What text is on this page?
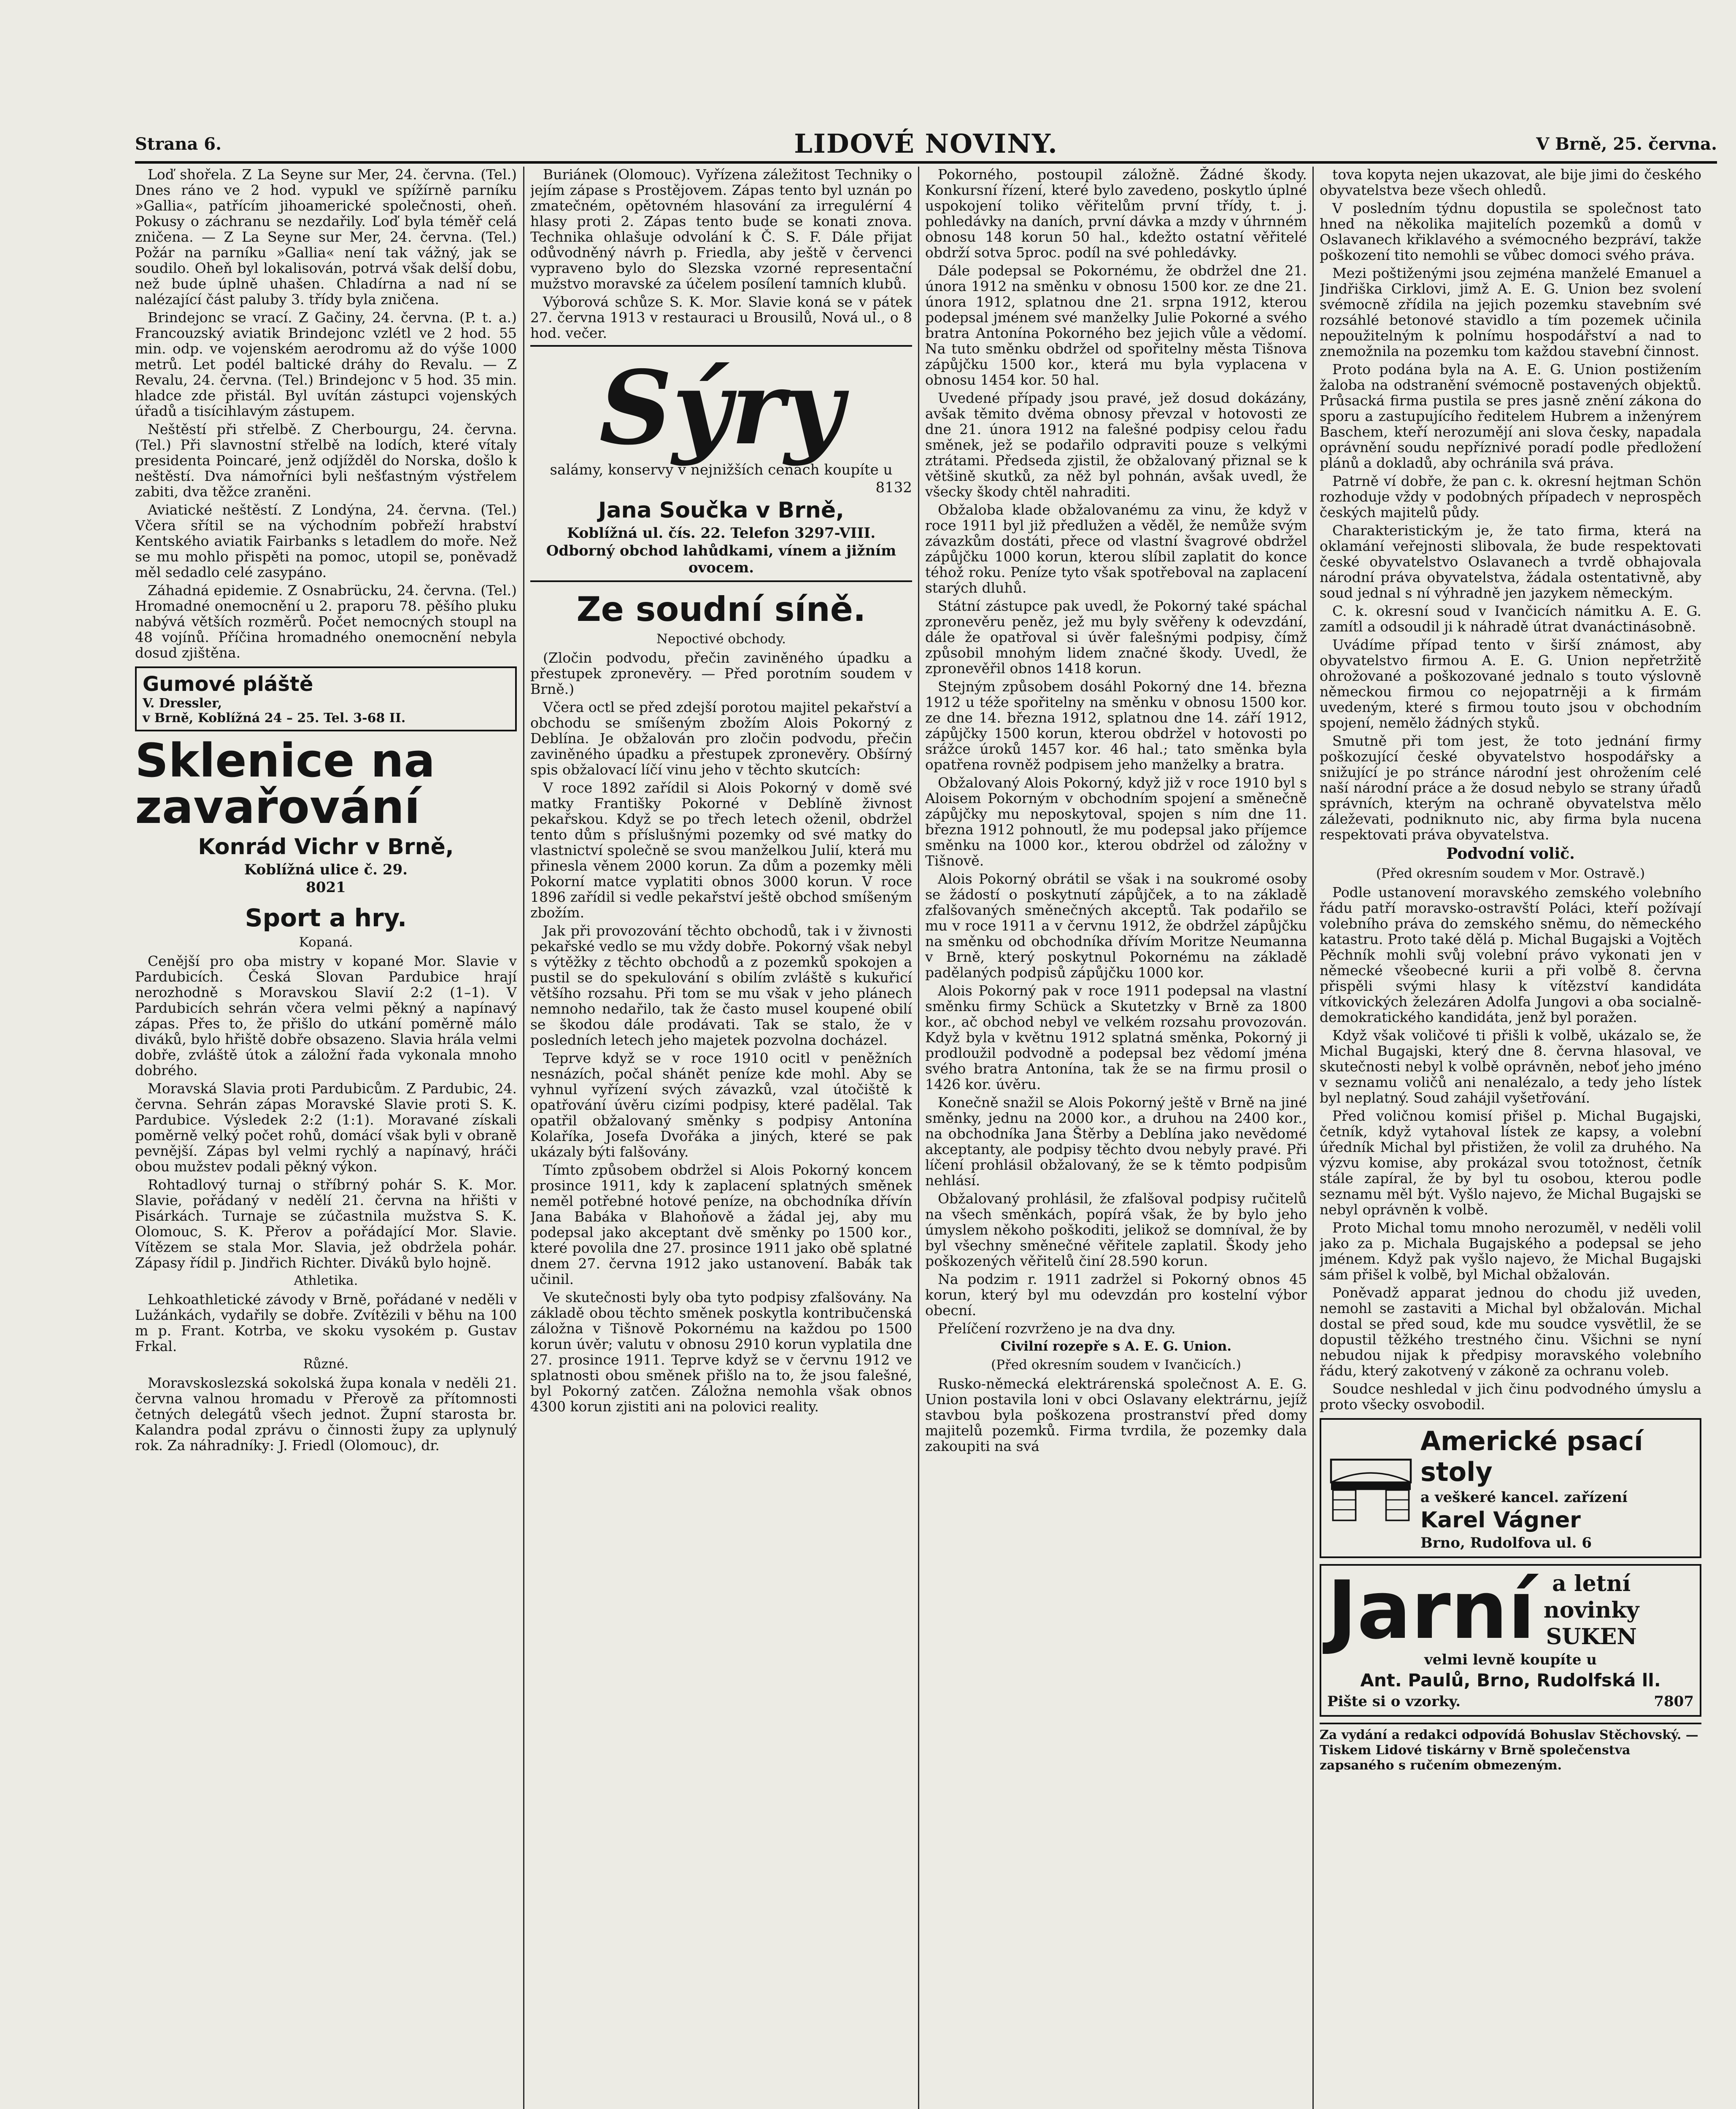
Strana 6.	LIDOVÉ NOVINY.	V Brně, 25. června.

Loď shořela. Z La Seyne sur Mer, 24. června. (Tel.) Dnes ráno ve 2 hod. vypukl ve spížírně parníku »Gallia«, patřícím jihoamerické společnosti, oheň. Pokusy o záchranu se nezdařily. Loď byla téměř celá zničena. — Z La Seyne sur Mer, 24. června. (Tel.) Požár na parníku »Gallia« není tak vážný, jak se soudilo. Oheň byl lokalisován, potrvá však delší dobu, než bude úplně uhašen. Chladírna a nad ní se nalézající část paluby 3. třídy byla zničena.

Brindejonc se vrací. Z Gačiny, 24. června. (P. t. a.) Francouzský aviatik Brindejonc vzlétl ve 2 hod. 55 min. odp. ve vojenském aerodromu až do výše 1000 metrů. Let podél baltické dráhy do Revalu. — Z Revalu, 24. června. (Tel.) Brindejonc v 5 hod. 35 min. hladce zde přistál. Byl uvítán zástupci vojenských úřadů a tisícihlavým zástupem.

Neštěstí při střelbě. Z Cherbourgu, 24. června. (Tel.) Při slavnostní střelbě na lodích, které vítaly presidenta Poincaré, jenž odjížděl do Norska, došlo k neštěstí. Dva námořníci byli nešťastným výstřelem zabiti, dva těžce zraněni.

Aviatické neštěstí. Z Londýna, 24. června. (Tel.) Včera sřítil se na východním pobřeží hrabství Kentského aviatik Fairbanks s letadlem do moře. Než se mu mohlo přispěti na pomoc, utopil se, poněvadž měl sedadlo celé zasypáno.

Záhadná epidemie. Z Osnabrücku, 24. června. (Tel.) Hromadné onemocnění u 2. praporu 78. pěšího pluku nabývá větších rozměrů. Počet nemocných stoupl na 48 vojínů. Příčina hromadného onemocnění nebyla dosud zjištěna.

Gumové pláště
V. Dressler,
v Brně, Koblížná 24 – 25. Tel. 3-68 II.
Sklenice na zavařování
Konrád Vichr v Brně,
Koblížná ulice č. 29.
8021
Sport a hry.
Kopaná.

Cenější pro oba mistry v kopané Mor. Slavie v Pardubicích. Česká Slovan Pardubice hrají nerozhodně s Moravskou Slavií 2:2 (1–1). V Pardubicích sehrán včera velmi pěkný a napínavý zápas. Přes to, že přišlo do utkání poměrně málo diváků, bylo hřiště dobře obsazeno. Slavia hrála velmi dobře, zvláště útok a záložní řada vykonala mnoho dobrého.

Moravská Slavia proti Pardubicům. Z Pardubic, 24. června. Sehrán zápas Moravské Slavie proti S. K. Pardubice. Výsledek 2:2 (1:1). Moravané získali poměrně velký počet rohů, domácí však byli v obraně pevnější. Zápas byl velmi rychlý a napínavý, hráči obou mužstev podali pěkný výkon.

Rohtadlový turnaj o stříbrný pohár S. K. Mor. Slavie, pořádaný v nedělí 21. června na hřišti v Pisárkách. Turnaje se zúčastnila mužstva S. K. Olomouc, S. K. Přerov a pořádající Mor. Slavie. Vítězem se stala Mor. Slavia, jež obdržela pohár. Zápasy řídil p. Jindřich Richter. Diváků bylo hojně.

Athletika.

Lehkoathletické závody v Brně, pořádané v neděli v Lužánkách, vydařily se dobře. Zvítězili v běhu na 100 m p. Frant. Kotrba, ve skoku vysokém p. Gustav Frkal.

Různé.

Moravskoslezská sokolská župa konala v neděli 21. června valnou hromadu v Přerově za přítomnosti četných delegátů všech jednot. Župní starosta br. Kalandra podal zprávu o činnosti župy za uplynulý rok. Za náhradníky: J. Friedl (Olomouc), dr.

Buriánek (Olomouc). Vyřízena záležitost Techniky o jejím zápase s Prostějovem. Zápas tento byl uznán po zmatečném, opětovném hlasování za irregulérní 4 hlasy proti 2. Zápas tento bude se konati znova. Technika ohlašuje odvolání k Č. S. F. Dále přijat odůvodněný návrh p. Friedla, aby ještě v červenci vypraveno bylo do Slezska vzorné representační mužstvo moravské za účelem posílení tamních klubů.

Výborová schůze S. K. Mor. Slavie koná se v pátek 27. června 1913 v restauraci u Brousilů, Nová ul., o 8 hod. večer.

Sýry
salámy, konservy v nejnižších cenách koupíte u
8132
Jana Součka v Brně,
Koblížná ul. čís. 22. Telefon 3297-VIII.
Odborný obchod lahůdkami, vínem a jižním ovocem.
Ze soudní síně.
Nepoctivé obchody.

(Zločin podvodu, přečin zaviněného úpadku a přestupek zpronevěry. — Před porotním soudem v Brně.)

Včera octl se před zdejší porotou majitel pekařství a obchodu se smíšeným zbožím Alois Pokorný z Deblína. Je obžalován pro zločin podvodu, přečin zaviněného úpadku a přestupek zpronevěry. Obšírný spis obžalovací líčí vinu jeho v těchto skutcích:

V roce 1892 zařídil si Alois Pokorný v domě své matky Františky Pokorné v Deblíně živnost pekařskou. Když se po třech letech oženil, obdržel tento dům s příslušnými pozemky od své matky do vlastnictví společně se svou manželkou Julií, která mu přinesla věnem 2000 korun. Za dům a pozemky měli Pokorní matce vyplatiti obnos 3000 korun. V roce 1896 zařídil si vedle pekařství ještě obchod smíšeným zbožím.

Jak při provozování těchto obchodů, tak i v živnosti pekařské vedlo se mu vždy dobře. Pokorný však nebyl s výtěžky z těchto obchodů a z pozemků spokojen a pustil se do spekulování s obilím zvláště s kukuřicí většího rozsahu. Při tom se mu však v jeho plánech nemnoho nedařilo, tak že často musel koupené obilí se škodou dále prodávati. Tak se stalo, že v posledních letech jeho majetek pozvolna docházel.

Teprve když se v roce 1910 ocitl v peněžních nesnázích, počal shánět peníze kde mohl. Aby se vyhnul vyřízení svých závazků, vzal útočiště k opatřování úvěru cizími podpisy, které padělal. Tak opatřil obžalovaný směnky s podpisy Antonína Kolaříka, Josefa Dvořáka a jiných, které se pak ukázaly býti falšovány.

Tímto způsobem obdržel si Alois Pokorný koncem prosince 1911, kdy k zaplacení splatných směnek neměl potřebné hotové peníze, na obchodníka dřívín Jana Babáka v Blahoňově a žádal jej, aby mu podepsal jako akceptant dvě směnky po 1500 kor., které povolila dne 27. prosince 1911 jako obě splatné dnem 27. června 1912 jako ustanovení. Babák tak učinil.

Ve skutečnosti byly oba tyto podpisy zfalšovány. Na základě obou těchto směnek poskytla kontribučenská záložna v Tišnově Pokornému na každou po 1500 korun úvěr; valutu v obnosu 2910 korun vyplatila dne 27. prosince 1911. Teprve když se v červnu 1912 ve splatnosti obou směnek přišlo na to, že jsou falešné, byl Pokorný zatčen. Záložna nemohla však obnos 4300 korun zjistiti ani na polovici reality.

Pokorného, postoupil záložně. Žádné škody. Konkursní řízení, které bylo zavedeno, poskytlo úplné uspokojení toliko věřitelům první třídy, t. j. pohledávky na daních, první dávka a mzdy v úhrnném obnosu 148 korun 50 hal., kdežto ostatní věřitelé obdrží sotva 5proc. podíl na své pohledávky.

Dále podepsal se Pokornému, že obdržel dne 21. února 1912 na směnku v obnosu 1500 kor. ze dne 21. února 1912, splatnou dne 21. srpna 1912, kterou podepsal jménem své manželky Julie Pokorné a svého bratra Antonína Pokorného bez jejich vůle a vědomí. Na tuto směnku obdržel od spořitelny města Tišnova zápůjčku 1500 kor., která mu byla vyplacena v obnosu 1454 kor. 50 hal.

Uvedené případy jsou pravé, jež dosud dokázány, avšak těmito dvěma obnosy převzal v hotovosti ze dne 21. února 1912 na falešné podpisy celou řadu směnek, jež se podařilo odpraviti pouze s velkými ztrátami. Předseda zjistil, že obžalovaný přiznal se k většině skutků, za něž byl pohnán, avšak uvedl, že všecky škody chtěl nahraditi.

Obžaloba klade obžalovanému za vinu, že když v roce 1911 byl již předlužen a věděl, že nemůže svým závazkům dostáti, přece od vlastní švagrové obdržel zápůjčku 1000 korun, kterou slíbil zaplatit do konce téhož roku. Peníze tyto však spotřeboval na zaplacení starých dluhů.

Státní zástupce pak uvedl, že Pokorný také spáchal zpronevěru peněz, jež mu byly svěřeny k odevzdání, dále že opatřoval si úvěr falešnými podpisy, čímž způsobil mnohým lidem značné škody. Uvedl, že zpronevěřil obnos 1418 korun.

Stejným způsobem dosáhl Pokorný dne 14. března 1912 u téže spořitelny na směnku v obnosu 1500 kor. ze dne 14. března 1912, splatnou dne 14. září 1912, zápůjčky 1500 korun, kterou obdržel v hotovosti po srážce úroků 1457 kor. 46 hal.; tato směnka byla opatřena rovněž podpisem jeho manželky a bratra.

Obžalovaný Alois Pokorný, když již v roce 1910 byl s Aloisem Pokorným v obchodním spojení a směnečně zápůjčky mu neposkytoval, spojen s ním dne 11. března 1912 pohnoutl, že mu podepsal jako příjemce směnku na 1000 kor., kterou obdržel od záložny v Tišnově.

Alois Pokorný obrátil se však i na soukromé osoby se žádostí o poskytnutí zápůjček, a to na základě zfalšovaných směnečných akceptů. Tak podařilo se mu v roce 1911 a v červnu 1912, že obdržel zápůjčku na směnku od obchodníka dřívím Moritze Neumanna v Brně, který poskytnul Pokornému na základě padělaných podpisů zápůjčku 1000 kor.

Alois Pokorný pak v roce 1911 podepsal na vlastní směnku firmy Schück a Skutetzky v Brně za 1800 kor., ač obchod nebyl ve velkém rozsahu provozován. Když byla v květnu 1912 splatná směnka, Pokorný ji prodloužil podvodně a podepsal bez vědomí jména svého bratra Antonína, tak že se na firmu prosil o 1426 kor. úvěru.

Konečně snažil se Alois Pokorný ještě v Brně na jiné směnky, jednu na 2000 kor., a druhou na 2400 kor., na obchodníka Jana Štěrby a Deblína jako nevědomé akceptanty, ale podpisy těchto dvou nebyly pravé. Při líčení prohlásil obžalovaný, že se k těmto podpisům nehlásí.

Obžalovaný prohlásil, že zfalšoval podpisy ručitelů na všech směnkách, popírá však, že by bylo jeho úmyslem někoho poškoditi, jelikož se domníval, že by byl všechny směnečné věřitele zaplatil. Škody jeho poškozených věřitelů činí 28.590 korun.

Na podzim r. 1911 zadržel si Pokorný obnos 45 korun, který byl mu odevzdán pro kostelní výbor obecní.

Přelíčení rozvrženo je na dva dny.

Civilní rozepře s A. E. G. Union.
(Před okresním soudem v Ivančicích.)

Rusko-německá elektrárenská společnost A. E. G. Union postavila loni v obci Oslavany elektrárnu, jejíž stavbou byla poškozena prostranství před domy majitelů pozemků. Firma tvrdila, že pozemky dala zakoupiti na svá

tova kopyta nejen ukazovat, ale bije jimi do českého obyvatelstva beze všech ohledů.

V posledním týdnu dopustila se společnost tato hned na několika majitelích pozemků a domů v Oslavanech křiklavého a svémocného bezpráví, takže poškození tito nemohli se vůbec domoci svého práva.

Mezi poštiženými jsou zejména manželé Emanuel a Jindřiška Cirklovi, jimž A. E. G. Union bez svolení svémocně zřídila na jejich pozemku stavebním své rozsáhlé betonové stavidlo a tím pozemek učinila nepoužitelným k polnímu hospodářství a nad to znemožnila na pozemku tom každou stavební činnost.

Proto podána byla na A. E. G. Union postižením žaloba na odstranění svémocně postavených objektů. Průsacká firma pustila se pres jasně znění zákona do sporu a zastupujícího ředitelem Hubrem a inženýrem Baschem, kteří nerozumějí ani slova česky, napadala oprávnění soudu nepříznivé poradí podle předložení plánů a dokladů, aby ochránila svá práva.

Patrně ví dobře, že pan c. k. okresní hejtman Schön rozhoduje vždy v podobných případech v neprospěch českých majitelů půdy.

Charakteristickým je, že tato firma, která na oklamání veřejnosti slibovala, že bude respektovati české obyvatelstvo Oslavanech a tvrdě obhajovala národní práva obyvatelstva, žádala ostentativně, aby soud jednal s ní výhradně jen jazykem německým.

C. k. okresní soud v Ivančicích námitku A. E. G. zamítl a odsoudil ji k náhradě útrat dvanáctinásobně.

Uvádíme případ tento v širší známost, aby obyvatelstvo firmou A. E. G. Union nepřetržitě ohrožované a poškozované jednalo s touto výslovně německou firmou co nejopatrněji a k firmám uvedeným, které s firmou touto jsou v obchodním spojení, nemělo žádných styků.

Smutně při tom jest, že toto jednání firmy poškozující české obyvatelstvo hospodářsky a snižující je po stránce národní jest ohrožením celé naší národní práce a že dosud nebylo se strany úřadů správních, kterým na ochraně obyvatelstva mělo záleževati, podniknuto nic, aby firma byla nucena respektovati práva obyvatelstva.

Podvodní volič.
(Před okresním soudem v Mor. Ostravě.)

Podle ustanovení moravského zemského volebního řádu patří moravsko-ostravští Poláci, kteří požívají volebního práva do zemského sněmu, do německého katastru. Proto také dělá p. Michal Bugajski a Vojtěch Pěchník mohli svůj volební právo vykonati jen v německé všeobecné kurii a při volbě 8. června přispěli svými hlasy k vítězství kandidáta vítkovických železáren Adolfa Jungovi a oba socialně-demokratického kandidáta, jenž byl poražen.

Když však voličové ti přišli k volbě, ukázalo se, že Michal Bugajski, který dne 8. června hlasoval, ve skutečnosti nebyl k volbě oprávněn, neboť jeho jméno v seznamu voličů ani nenalézalo, a tedy jeho lístek byl neplatný. Soud zahájil vyšetřování.

Před voličnou komisí přišel p. Michal Bugajski, četník, když vytahoval lístek ze kapsy, a volební úředník Michal byl přistižen, že volil za druhého. Na výzvu komise, aby prokázal svou totožnost, četník stále zapíral, že by byl tu osobou, kterou podle seznamu měl být. Vyšlo najevo, že Michal Bugajski se nebyl oprávněn k volbě.

Proto Michal tomu mnoho nerozuměl, v neděli volil jako za p. Michala Bugajského a podepsal se jeho jménem. Když pak vyšlo najevo, že Michal Bugajski sám přišel k volbě, byl Michal obžalován.

Poněvadž apparat jednou do chodu již uveden, nemohl se zastaviti a Michal byl obžalován. Michal dostal se před soud, kde mu soudce vysvětlil, že se dopustil těžkého trestného činu. Všichni se nyní nebudou nijak k předpisy moravského volebního řádu, který zakotvený v zákoně za ochranu voleb.

Soudce neshledal v jich činu podvodného úmyslu a proto všecky osvobodil.

Americké psací stoly
a veškeré kancel. zařízení
Karel Vágner
Brno, Rudolfova ul. 6
Jarní a letní
novinky
SUKEN
velmi levně koupíte u
Ant. Paulů, Brno, Rudolfská ll.
Pište si o vzorky.	7807
Za vydání a redakci odpovídá Bohuslav Stěchovský. — Tiskem Lidové tiskárny v Brně společenstva zapsaného s ručením obmezeným.
